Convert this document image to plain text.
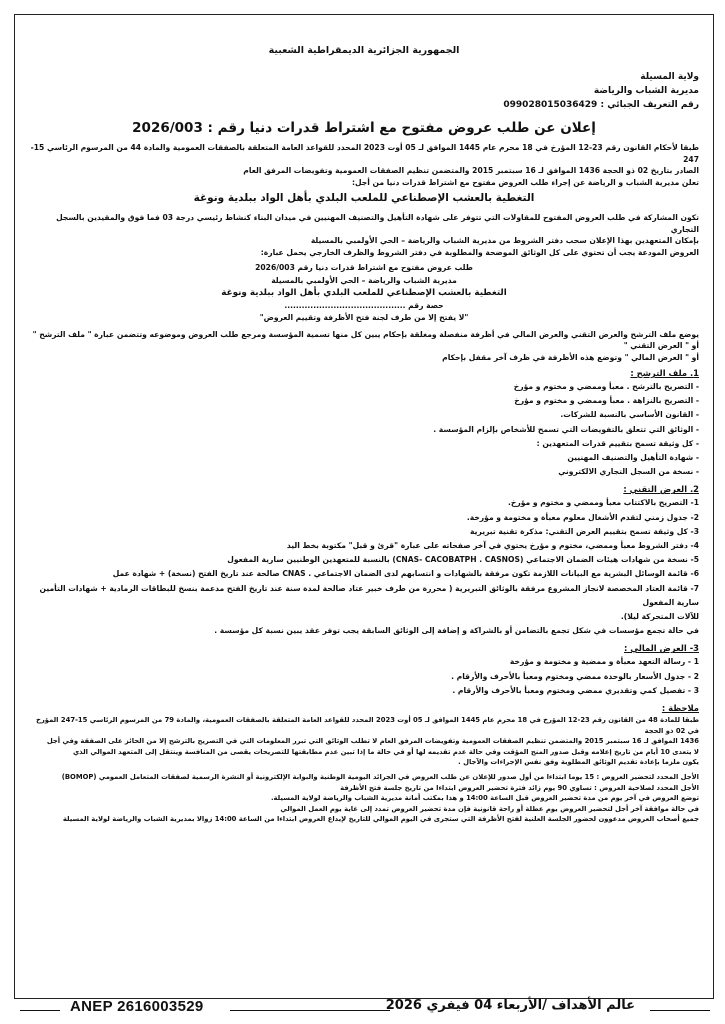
الجمهورية الجزائرية الديمقراطية الشعبية
ولاية المسيلة
مديرية الشباب والرياضة
رقم التعريف الجبائي : 099028015036429
إعلان عن طلب عروض مفتوح مع اشتراط قدرات دنيا رقم : 2026/003

طبقا لأحكام القانون رقم 23-12 المؤرخ في 18 محرم عام 1445 الموافق لـ 05 أوت 2023 المحدد للقواعد العامة المتعلقة بالصفقات العمومية والمادة 44 من المرسوم الرئاسي 15-247

الصادر بتاريخ 02 ذو الحجة 1436 الموافق لـ 16 سبتمبر 2015 والمتضمن تنظيم الصفقات العمومية وتفويضات المرفق العام

تعلن مديرية الشباب و الرياضة عن إجراء طلب العروض مفتوح مع اشتراط قدرات دنيا من أجل:

التغطية بالعشب الإصطناعي للملعب البلدي بأهل الواد ببلدية ونوغة

تكون المشاركة في طلب العروض المفتوح للمقاولات التي تتوفر على شهادة التأهيل والتصنيف المهنيين في ميدان البناء كنشاط رئيسي درجة 03 فما فوق والمقيدين بالسجل التجاري

بإمكان المتعهدين بهذا الإعلان سحب دفتر الشروط من مديرية الشباب والرياضة – الحي الأولمبي بالمسيلة

العروض المودعة يجب أن تحتوي على كل الوثائق الموضحة والمطلوبة في دفتر الشروط والظرف الخارجي يحمل عبارة:

طلب عروض مفتوح مع اشتراط قدرات دنيا رقم 2026/003
مديرية الشباب والرياضة – الحي الأولمبي بالمسيلة
التغطية بالعشب الإصطناعي للملعب البلدي بأهل الواد ببلدية ونوغة
حصة رقم ..........................................
"لا يفتح إلا من طرف لجنة فتح الأظرفة وتقييم العروض"

يوضع ملف الترشح والعرض التقني والعرض المالي في أظرفة منفصلة ومغلقة بإحكام يبين كل منها تسمية المؤسسة ومرجع طلب العروض وموضوعه وتتضمن عبارة " ملف الترشح " أو " العرض التقني "

أو " العرض المالي " وتوضع هذه الأظرفة في ظرف آخر مقفل بإحكام

1. ملف الترشح :

- التصريح بالترشح . معبأ وممضي و مختوم و مؤرخ

- التصريح بالنزاهة . معبأ وممضي و مختوم و مؤرخ

- القانون الأساسي بالنسبة للشركات.

- الوثائق التي تتعلق بالتفويضات التي تسمح للأشخاص بإلزام المؤسسة .

- كل وثيقة تسمح بتقييم قدرات المتعهدين :

- شهادة التأهيل والتصنيف المهنيين

- نسخة من السجل التجاري الالكتروني

2. العرض التقني :

1- التصريح بالاكتتاب معبأ وممضي و مختوم و مؤرخ.

2- جدول زمني لتقدم الأشغال معلوم معبأة و مختومة و مؤرخة.

3- كل وثيقة تسمح بتقييم العرض التقني: مذكرة تقنية تبريرية

4- دفتر الشروط معبأ وممضي، مختوم و مؤرخ يحتوي في آخر صفحاته على عبارة "قرئ و قبل" مكتوبة بخط اليد

5- نسخة من شهادات هيئات الضمان الاجتماعي (CNAS- CACOBATPH . CASNOS) بالنسبة للمتعهدين الوطنيين سارية المفعول

6- قائمة الوسائل البشرية مع البيانات اللازمة تكون مرفقة بالشهادات و انتسابهم لدى الضمان الاجتماعي . CNAS صالحة عند تاريخ الفتح (نسخة) + شهادة عمل

7- قائمة العتاد المخصصة لانجاز المشروع مرفقة بالوثائق التبريرية ( محررة من طرف خبير عتاد صالحة لمدة سنة عند تاريخ الفتح مدعمة بنسخ للبطاقات الرمادية + شهادات التأمين سارية المفعول

للآلات المتحركة ليلا).

في حالة تجمع مؤسسات في شكل تجمع بالتضامن أو بالشراكة و إضافة إلى الوثائق السابقة يجب توفر عقد يبين نسبة كل مؤسسة .

3- العرض المالي :

1 - رسالة التعهد معبأة و ممضية و مختومة و مؤرخة

2 - جدول الأسعار بالوحدة ممضي ومختوم ومعبأ بالأحرف والأرقام .

3 - تفصيل كمي وتقديري ممضي ومختوم ومعبأ بالأحرف والأرقام .

ملاحظة :

طبقا للمادة 48 من القانون رقم 23-12 المؤرخ في 18 محرم عام 1445 الموافق لـ 05 أوت 2023 المحدد للقواعد العامة المتعلقة بالصفقات العمومية، والمادة 79 من المرسوم الرئاسي 15-247 المؤرخ في 02 ذو الحجة

1436 الموافق لـ 16 سبتمبر 2015 والمتضمن تنظيم الصفقات العمومية وتفويضات المرفق العام لا تطلب الوثائق التي تبرر المعلومات التي في التصريح بالترشح إلا من الحائز على الصفقة وفي أجل

لا يتعدى 10 أيام من تاريخ إعلامه وقبل صدور المنح المؤقت وفي حالة عدم تقديمه لها أو في حالة ما إذا تبين عدم مطابقتها للتصريحات يقصى من المنافسة وينتقل إلى المتعهد الموالي الذي

يكون ملزما بإعادة تقديم الوثائق المطلوبة وفق نفس الإجراءات والآجال .

الأجل المحدد لتحضير العروض : 15 يوما ابتداءا من أول صدور للإعلان عن طلب العروض في الجرائد اليومية الوطنية والبوابة الإلكترونية أو النشرة الرسمية لصفقات المتعامل العمومي (BOMOP)

الأجل المحدد لصلاحية العروض : تساوي 90 يوم زائد فترة تحضير العروض ابتداءا من تاريخ جلسة فتح الأظرفة

توضع العروض في آخر يوم من مدة تحضير العروض قبل الساعة 14:00 و هذا بمكتب أمانة مديرية الشباب والرياضة لولاية المسيلة.

في حالة موافقة آخر أجل لتحضير العروض يوم عطلة أو راحة قانونية فإن مدة تحضير العروض تمدد إلى غاية يوم العمل الموالي

جميع أصحاب العروض مدعوون لحضور الجلسة العلنية لفتح الأظرفة التي ستجرى في اليوم الموالي للتاريخ لإيداع العروض ابتداءا من الساعة 14:00 زوالا بمديرية الشباب والرياضة لولاية المسيلة

ANEP 2616003529	عالم الأهداف /الأربعاء 04 فيفري 2026
